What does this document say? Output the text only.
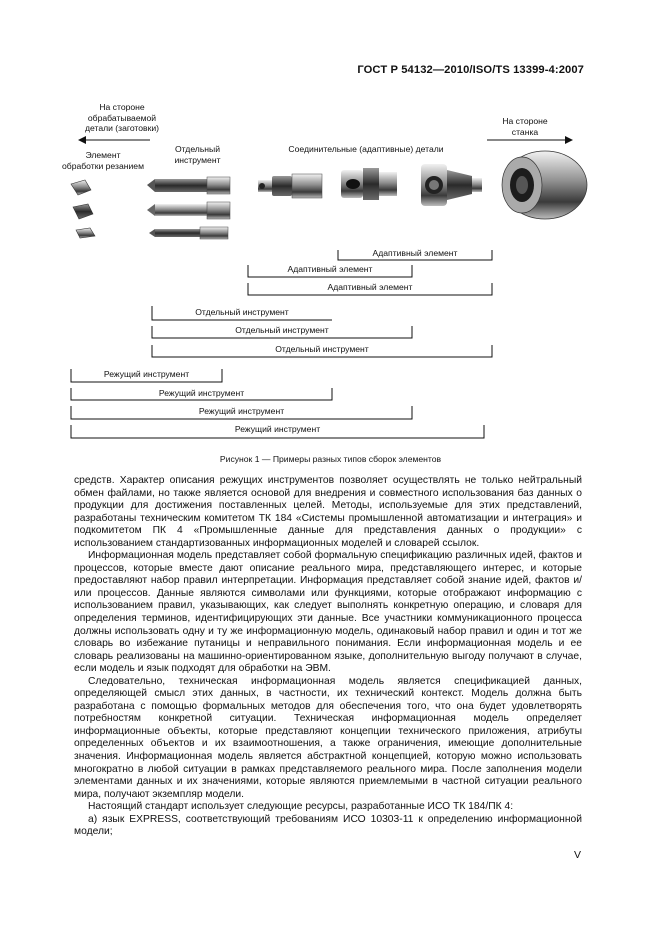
ГОСТ Р 54132—2010/ISO/TS 13399-4:2007
На стороне
обрабатываемой
детали (заготовки)
На стороне
станка
Элемент
обработки резанием
Отдельный
инструмент
Соединительные (адаптивные) детали
Адаптивный элемент
Адаптивный элемент
Адаптивный элемент
Отдельный инструмент
Отдельный инструмент
Отдельный инструмент
Режущий инструмент
Режущий инструмент
Режущий инструмент
Режущий инструмент
Рисунок 1 — Примеры разных типов сборок элементов

средств. Характер описания режущих инструментов позволяет осуществлять не только нейтральный обмен файлами, но также является основой для внедрения и совместного использования баз данных о продукции для достижения поставленных целей. Методы, используемые для этих представлений, разработаны техническим комитетом ТК 184 «Системы промышленной автоматизации и интеграция» и подкомитетом ПК 4 «Промышленные данные для представления данных о продукции» с использованием стандартизованных информационных моделей и словарей ссылок.

Информационная модель представляет собой формальную спецификацию различных идей, фактов и процессов, которые вместе дают описание реального мира, представляющего интерес, и которые предоставляют набор правил интерпретации. Информация представляет собой знание идей, фактов и/или процессов. Данные являются символами или функциями, которые отображают информацию с использованием правил, указывающих, как следует выполнять конкретную операцию, и словаря для определения терминов, идентифицирующих эти данные. Все участники коммуникационного процесса должны использовать одну и ту же информационную модель, одинаковый набор правил и один и тот же словарь во избежание путаницы и неправильного понимания. Если информационная модель и ее словарь реализованы на машинно-ориентированном языке, дополнительную выгоду получают в случае, если модель и язык подходят для обработки на ЭВМ.

Следовательно, техническая информационная модель является спецификацией данных, определяющей смысл этих данных, в частности, их технический контекст. Модель должна быть разработана с помощью формальных методов для обеспечения того, что она будет удовлетворять потребностям конкретной ситуации. Техническая информационная модель определяет информационные объекты, которые представляют концепции технического приложения, атрибуты определенных объектов и их взаимоотношения, а также ограничения, имеющие дополнительные значения. Информационная модель является абстрактной концепцией, которую можно использовать многократно в любой ситуации в рамках представляемого реального мира. После заполнения модели элементами данных и их значениями, которые являются приемлемыми в частной ситуации реального мира, получают экземпляр модели.

Настоящий стандарт использует следующие ресурсы, разработанные ИСО ТК 184/ПК 4:

а) язык EXPRESS, соответствующий требованиям ИСО 10303-11 к определению информационной модели;

V
